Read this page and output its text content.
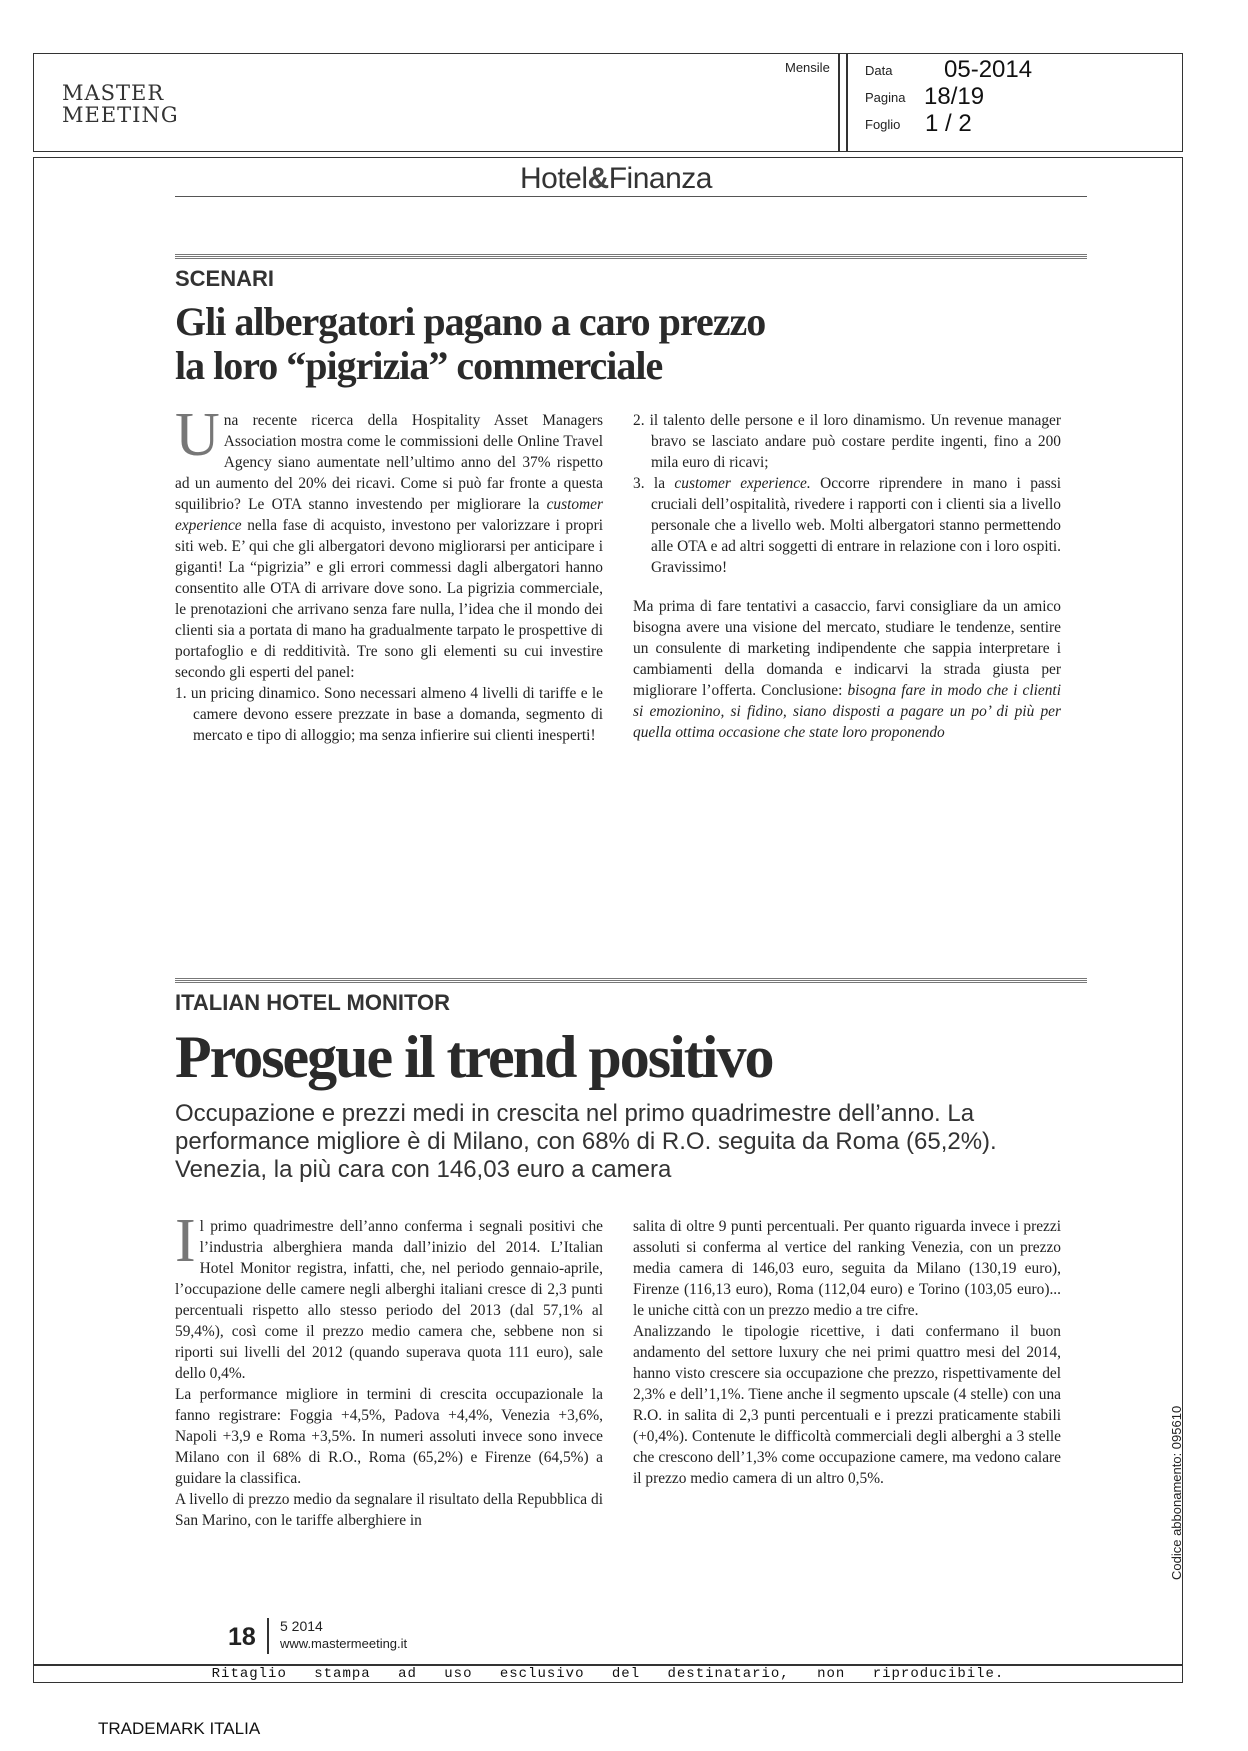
MASTER
MEETING
Mensile	Data 05-2014
Pagina 18/19
Foglio 1 / 2
Hotel&Finanza
SCENARI
Gli albergatori pagano a caro prezzo
la loro “pigrizia” commerciale

Una recente ricerca della Hospitality Asset Managers Association mostra come le commissioni delle Online Travel Agency siano aumentate nell’ultimo anno del 37% rispetto ad un aumento del 20% dei ricavi. Come si può far fronte a questa squilibrio? Le OTA stanno investendo per migliorare la customer experience nella fase di acquisto, investono per valorizzare i propri siti web. E’ qui che gli albergatori devono migliorarsi per anticipare i giganti! La “pigrizia” e gli errori commessi dagli albergatori hanno consentito alle OTA di arrivare dove sono. La pigrizia commerciale, le prenotazioni che arrivano senza fare nulla, l’idea che il mondo dei clienti sia a portata di mano ha gradualmente tarpato le prospettive di portafoglio e di redditività. Tre sono gli elementi su cui investire secondo gli esperti del panel:

1. un pricing dinamico. Sono necessari almeno 4 livelli di tariffe e le camere devono essere prezzate in base a domanda, segmento di mercato e tipo di alloggio; ma senza infierire sui clienti inesperti!

2. il talento delle persone e il loro dinamismo. Un revenue manager bravo se lasciato andare può costare perdite ingenti, fino a 200 mila euro di ricavi;

3. la customer experience. Occorre riprendere in mano i passi cruciali dell’ospitalità, rivedere i rapporti con i clienti sia a livello personale che a livello web. Molti albergatori stanno permettendo alle OTA e ad altri soggetti di entrare in relazione con i loro ospiti. Gravissimo!

Ma prima di fare tentativi a casaccio, farvi consigliare da un amico bisogna avere una visione del mercato, studiare le tendenze, sentire un consulente di marketing indipendente che sappia interpretare i cambiamenti della domanda e indicarvi la strada giusta per migliorare l’offerta. Conclusione: bisogna fare in modo che i clienti si emozionino, si fidino, siano disposti a pagare un po’ di più per quella ottima occasione che state loro proponendo

ITALIAN HOTEL MONITOR
Prosegue il trend positivo
Occupazione e prezzi medi in crescita nel primo quadrimestre dell’anno. La performance migliore è di Milano, con 68% di R.O. seguita da Roma (65,2%). Venezia, la più cara con 146,03 euro a camera

Il primo quadrimestre dell’anno conferma i segnali positivi che l’industria alberghiera manda dall’inizio del 2014. L’Italian Hotel Monitor registra, infatti, che, nel periodo gennaio-aprile, l’occupazione delle camere negli alberghi italiani cresce di 2,3 punti percentuali rispetto allo stesso periodo del 2013 (dal 57,1% al 59,4%), così come il prezzo medio camera che, sebbene non si riporti sui livelli del 2012 (quando superava quota 111 euro), sale dello 0,4%.

La performance migliore in termini di crescita occupazionale la fanno registrare: Foggia +4,5%, Padova +4,4%, Venezia +3,6%, Napoli +3,9 e Roma +3,5%. In numeri assoluti invece sono invece Milano con il 68% di R.O., Roma (65,2%) e Firenze (64,5%) a guidare la classifica.

A livello di prezzo medio da segnalare il risultato della Repubblica di San Marino, con le tariffe alberghiere in

salita di oltre 9 punti percentuali. Per quanto riguarda invece i prezzi assoluti si conferma al vertice del ranking Venezia, con un prezzo media camera di 146,03 euro, seguita da Milano (130,19 euro), Firenze (116,13 euro), Roma (112,04 euro) e Torino (103,05 euro)... le uniche città con un prezzo medio a tre cifre.

Analizzando le tipologie ricettive, i dati confermano il buon andamento del settore luxury che nei primi quattro mesi del 2014, hanno visto crescere sia occupazione che prezzo, rispettivamente del 2,3% e dell’1,1%. Tiene anche il segmento upscale (4 stelle) con una R.O. in salita di 2,3 punti percentuali e i prezzi praticamente stabili (+0,4%). Contenute le difficoltà commerciali degli alberghi a 3 stelle che crescono dell’1,3% come occupazione camere, ma vedono calare il prezzo medio camera di un altro 0,5%.

18 5 2014
www.mastermeeting.it
Ritaglio stampa ad uso esclusivo del destinatario, non riproducibile.
Codice abbonamento: 095610
TRADEMARK ITALIA
